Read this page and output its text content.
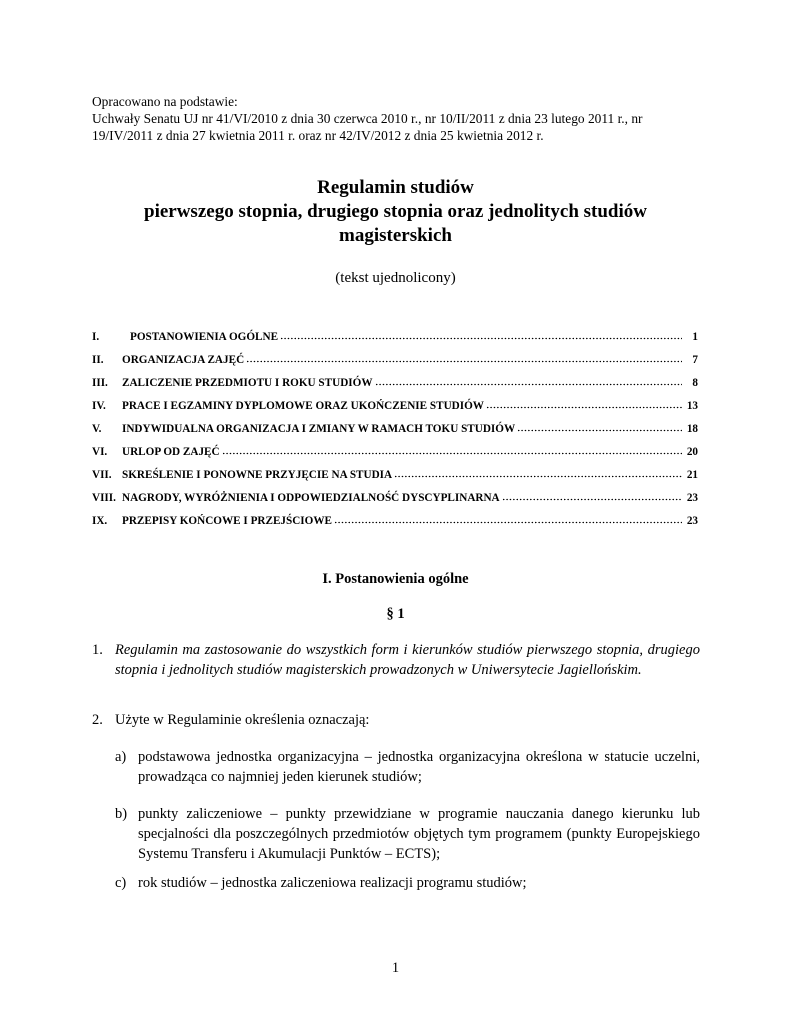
Opracowano na podstawie:
Uchwały Senatu UJ nr 41/VI/2010 z dnia 30 czerwca 2010 r., nr 10/II/2011 z dnia 23 lutego 2011 r., nr
19/IV/2011 z dnia 27 kwietnia 2011 r. oraz nr 42/IV/2012 z dnia 25 kwietnia 2012 r.
Regulamin studiów
pierwszego stopnia, drugiego stopnia oraz jednolitych studiów
magisterskich
(tekst ujednolicony)
I.	POSTANOWIENIA OGÓLNE	1
II.	ORGANIZACJA ZAJĘĆ	7
III.	ZALICZENIE PRZEDMIOTU I ROKU STUDIÓW	8
IV.	PRACE I EGZAMINY DYPLOMOWE ORAZ UKOŃCZENIE STUDIÓW	13
V.	INDYWIDUALNA ORGANIZACJA I ZMIANY W RAMACH TOKU STUDIÓW	18
VI.	URLOP OD ZAJĘĆ	20
VII. SKREŚLENIE I PONOWNE PRZYJĘCIE NA STUDIA	21
VIII. NAGRODY, WYRÓŻNIENIA I ODPOWIEDZIALNOŚĆ DYSCYPLINARNA	23
IX.	PRZEPISY KOŃCOWE I PRZEJŚCIOWE	23
I. Postanowienia ogólne
§ 1
1. Regulamin ma zastosowanie do wszystkich form i kierunków studiów pierwszego stopnia, drugiego stopnia i jednolitych studiów magisterskich prowadzonych w Uniwersytecie Jagiellońskim.
2. Użyte w Regulaminie określenia oznaczają:
a) podstawowa jednostka organizacyjna – jednostka organizacyjna określona w statucie uczelni, prowadząca co najmniej jeden kierunek studiów;
b) punkty zaliczeniowe – punkty przewidziane w programie nauczania danego kierunku lub specjalności dla poszczególnych przedmiotów objętych tym programem (punkty Europejskiego Systemu Transferu i Akumulacji Punktów – ECTS);
c) rok studiów – jednostka zaliczeniowa realizacji programu studiów;
1
